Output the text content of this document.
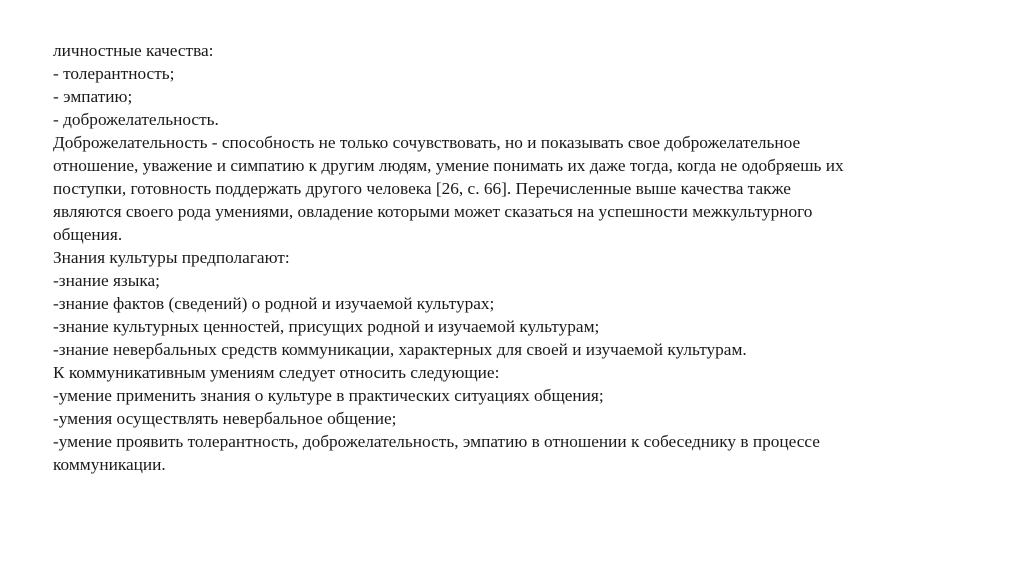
личностные качества:
- толерантность;
- эмпатию;
- доброжелательность.
Доброжелательность - способность не только сочувствовать, но и показывать свое доброжелательное
отношение, уважение и симпатию к другим людям, умение понимать их даже тогда, когда не одобряешь их
поступки, готовность поддержать другого человека [26, с. 66]. Перечисленные выше качества также
являются своего рода умениями, овладение которыми может сказаться на успешности межкультурного
общения.
Знания культуры предполагают:
-знание языка;
-знание фактов (сведений) о родной и изучаемой культурах;
-знание культурных ценностей, присущих родной и изучаемой культурам;
-знание невербальных средств коммуникации, характерных для своей и изучаемой культурам.
К коммуникативным умениям следует относить следующие:
-умение применить знания о культуре в практических ситуациях общения;
-умения осуществлять невербальное общение;
-умение проявить толерантность, доброжелательность, эмпатию в отношении к собеседнику в процессе
коммуникации.
